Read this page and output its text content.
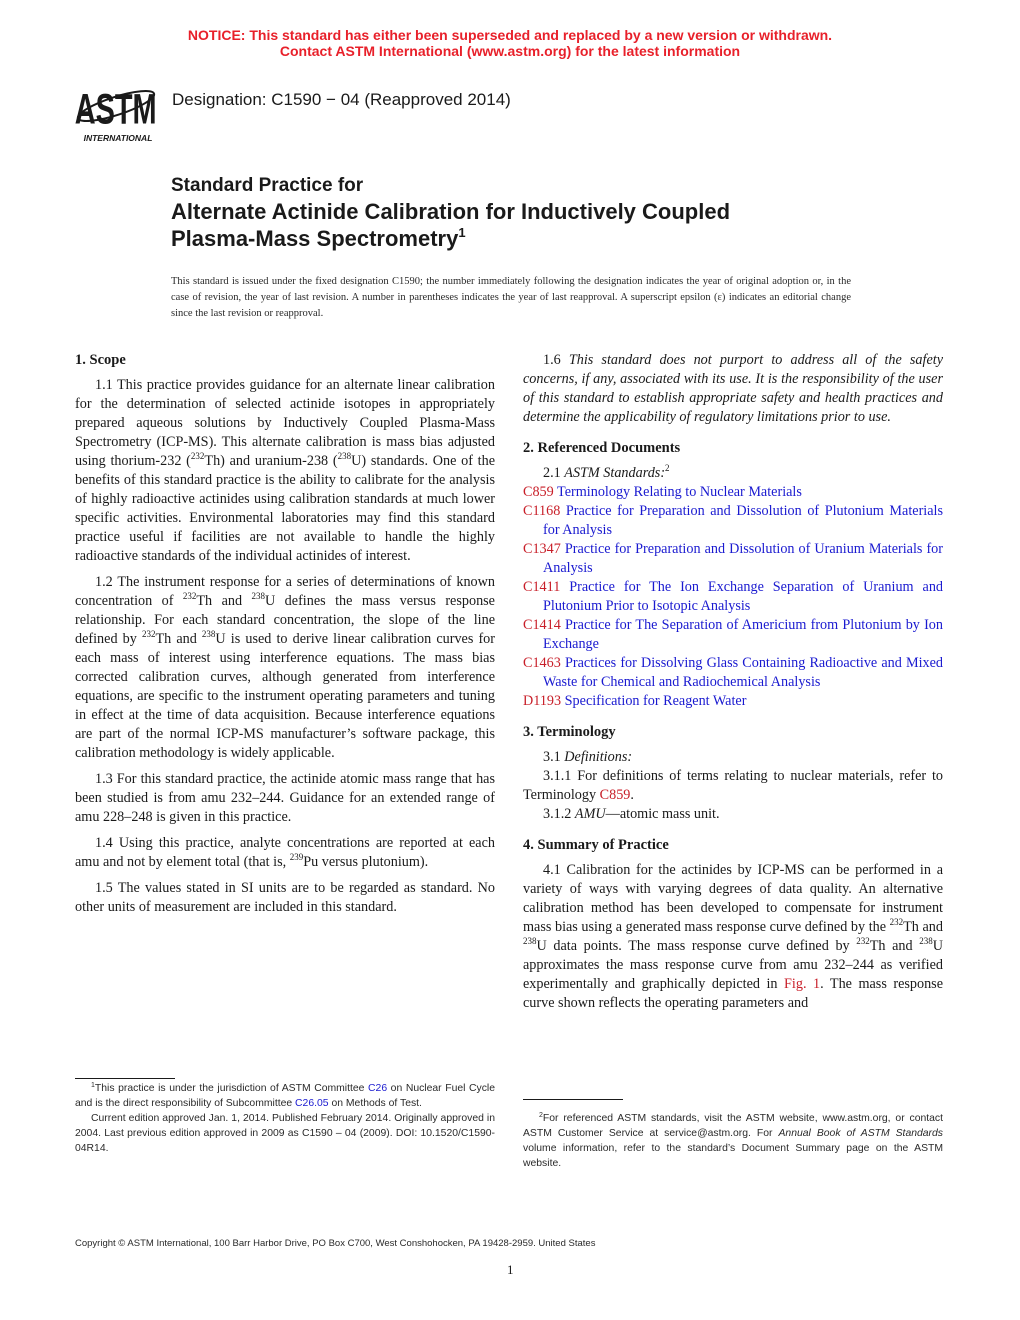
NOTICE: This standard has either been superseded and replaced by a new version or withdrawn.
Contact ASTM International (www.astm.org) for the latest information
ASTM
INTERNATIONAL
Designation: C1590 − 04 (Reapproved 2014)
Standard Practice for
Alternate Actinide Calibration for Inductively Coupled
Plasma-Mass Spectrometry$^1$
This standard is issued under the fixed designation C1590; the number immediately following the designation indicates the year of original adoption or, in the case of revision, the year of last revision. A number in parentheses indicates the year of last reapproval. A superscript epsilon (ε) indicates an editorial change since the last revision or reapproval.
1. Scope

1.1 This practice provides guidance for an alternate linear calibration for the determination of selected actinide isotopes in appropriately prepared aqueous solutions by Inductively Coupled Plasma-Mass Spectrometry (ICP-MS). This alternate calibration is mass bias adjusted using thorium-232 ($^{232}$Th) and uranium-238 ($^{238}$U) standards. One of the benefits of this standard practice is the ability to calibrate for the analysis of highly radioactive actinides using calibration standards at much lower specific activities. Environmental laboratories may find this standard practice useful if facilities are not available to handle the highly radioactive standards of the individual actinides of interest.

1.2 The instrument response for a series of determinations of known concentration of $^{232}$Th and $^{238}$U defines the mass versus response relationship. For each standard concentration, the slope of the line defined by $^{232}$Th and $^{238}$U is used to derive linear calibration curves for each mass of interest using interference equations. The mass bias corrected calibration curves, although generated from interference equations, are specific to the instrument operating parameters and tuning in effect at the time of data acquisition. Because interference equations are part of the normal ICP-MS manufacturer’s software package, this calibration methodology is widely applicable.

1.3 For this standard practice, the actinide atomic mass range that has been studied is from amu 232–244. Guidance for an extended range of amu 228–248 is given in this practice.

1.4 Using this practice, analyte concentrations are reported at each amu and not by element total (that is, $^{239}$Pu versus plutonium).

1.5 The values stated in SI units are to be regarded as standard. No other units of measurement are included in this standard.

$^1$This practice is under the jurisdiction of ASTM Committee C26 on Nuclear Fuel Cycle and is the direct responsibility of Subcommittee C26.05 on Methods of Test.

Current edition approved Jan. 1, 2014. Published February 2014. Originally approved in 2004. Last previous edition approved in 2009 as C1590 – 04 (2009). DOI: 10.1520/C1590-04R14.

1.6 This standard does not purport to address all of the safety concerns, if any, associated with its use. It is the responsibility of the user of this standard to establish appropriate safety and health practices and determine the applicability of regulatory limitations prior to use.

2. Referenced Documents

2.1 ASTM Standards:$^2$

C859 Terminology Relating to Nuclear Materials
C1168 Practice for Preparation and Dissolution of Plutonium Materials for Analysis
C1347 Practice for Preparation and Dissolution of Uranium Materials for Analysis
C1411 Practice for The Ion Exchange Separation of Uranium and Plutonium Prior to Isotopic Analysis
C1414 Practice for The Separation of Americium from Plutonium by Ion Exchange
C1463 Practices for Dissolving Glass Containing Radioactive and Mixed Waste for Chemical and Radiochemical Analysis
D1193 Specification for Reagent Water
3. Terminology

3.1 Definitions:

3.1.1 For definitions of terms relating to nuclear materials, refer to Terminology C859.

3.1.2 AMU—atomic mass unit.

4. Summary of Practice

4.1 Calibration for the actinides by ICP-MS can be performed in a variety of ways with varying degrees of data quality. An alternative calibration method has been developed to compensate for instrument mass bias using a generated mass response curve defined by the $^{232}$Th and $^{238}$U data points. The mass response curve defined by $^{232}$Th and $^{238}$U approximates the mass response curve from amu 232–244 as verified experimentally and graphically depicted in Fig. 1. The mass response curve shown reflects the operating parameters and

$^2$For referenced ASTM standards, visit the ASTM website, www.astm.org, or contact ASTM Customer Service at service@astm.org. For Annual Book of ASTM Standards volume information, refer to the standard’s Document Summary page on the ASTM website.

Copyright © ASTM International, 100 Barr Harbor Drive, PO Box C700, West Conshohocken, PA 19428-2959. United States
1
